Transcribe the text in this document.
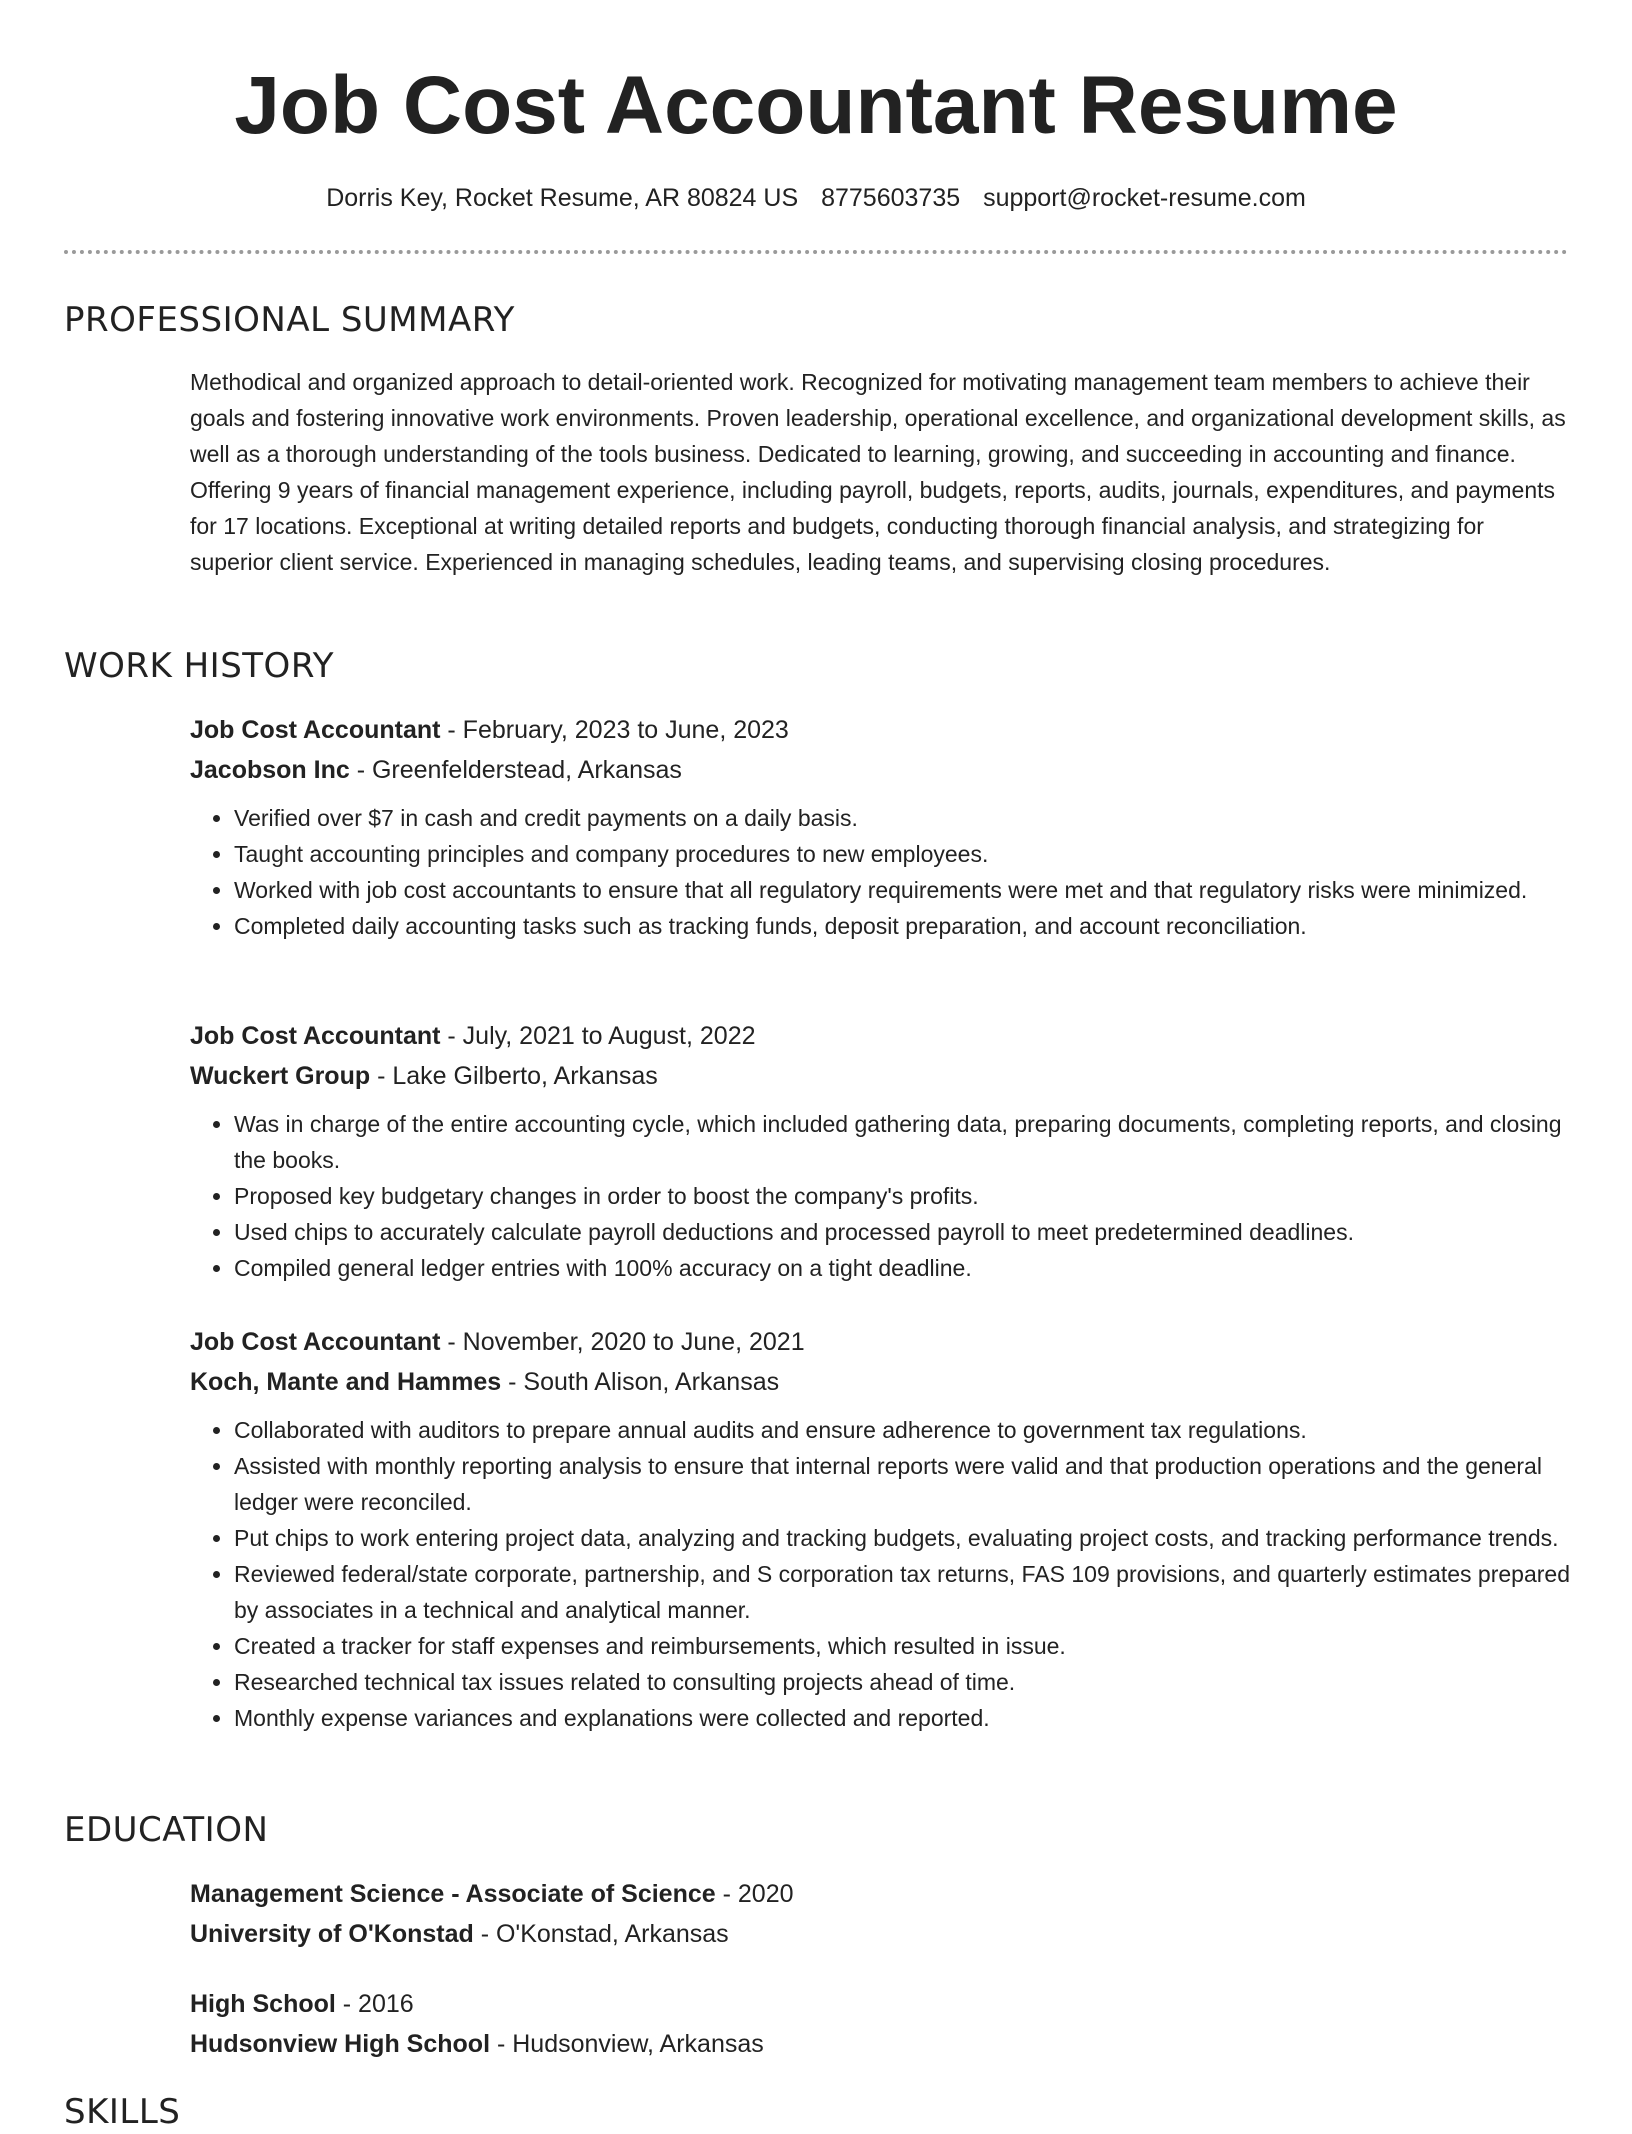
Job Cost Accountant Resume
Dorris Key, Rocket Resume, AR 80824 US 8775603735 support@rocket-resume.com
PROFESSIONAL SUMMARY
Methodical and organized approach to detail-oriented work. Recognized for motivating management team members to achieve their goals and fostering innovative work environments. Proven leadership, operational excellence, and organizational development skills, as well as a thorough understanding of the tools business. Dedicated to learning, growing, and succeeding in accounting and finance. Offering 9 years of financial management experience, including payroll, budgets, reports, audits, journals, expenditures, and payments for 17 locations. Exceptional at writing detailed reports and budgets, conducting thorough financial analysis, and strategizing for superior client service. Experienced in managing schedules, leading teams, and supervising closing procedures.
WORK HISTORY
Job Cost Accountant - February, 2023 to June, 2023
Jacobson Inc - Greenfelderstead, Arkansas
• Verified over $7 in cash and credit payments on a daily basis.
• Taught accounting principles and company procedures to new employees.
• Worked with job cost accountants to ensure that all regulatory requirements were met and that regulatory risks were minimized.
• Completed daily accounting tasks such as tracking funds, deposit preparation, and account reconciliation.
Job Cost Accountant - July, 2021 to August, 2022
Wuckert Group - Lake Gilberto, Arkansas
• Was in charge of the entire accounting cycle, which included gathering data, preparing documents, completing reports, and closing the books.
• Proposed key budgetary changes in order to boost the company's profits.
• Used chips to accurately calculate payroll deductions and processed payroll to meet predetermined deadlines.
• Compiled general ledger entries with 100% accuracy on a tight deadline.
Job Cost Accountant - November, 2020 to June, 2021
Koch, Mante and Hammes - South Alison, Arkansas
• Collaborated with auditors to prepare annual audits and ensure adherence to government tax regulations.
• Assisted with monthly reporting analysis to ensure that internal reports were valid and that production operations and the general ledger were reconciled.
• Put chips to work entering project data, analyzing and tracking budgets, evaluating project costs, and tracking performance trends.
• Reviewed federal/state corporate, partnership, and S corporation tax returns, FAS 109 provisions, and quarterly estimates prepared by associates in a technical and analytical manner.
• Created a tracker for staff expenses and reimbursements, which resulted in issue.
• Researched technical tax issues related to consulting projects ahead of time.
• Monthly expense variances and explanations were collected and reported.
EDUCATION
Management Science - Associate of Science - 2020
University of O'Konstad - O'Konstad, Arkansas
High School - 2016
Hudsonview High School - Hudsonview, Arkansas
SKILLS
